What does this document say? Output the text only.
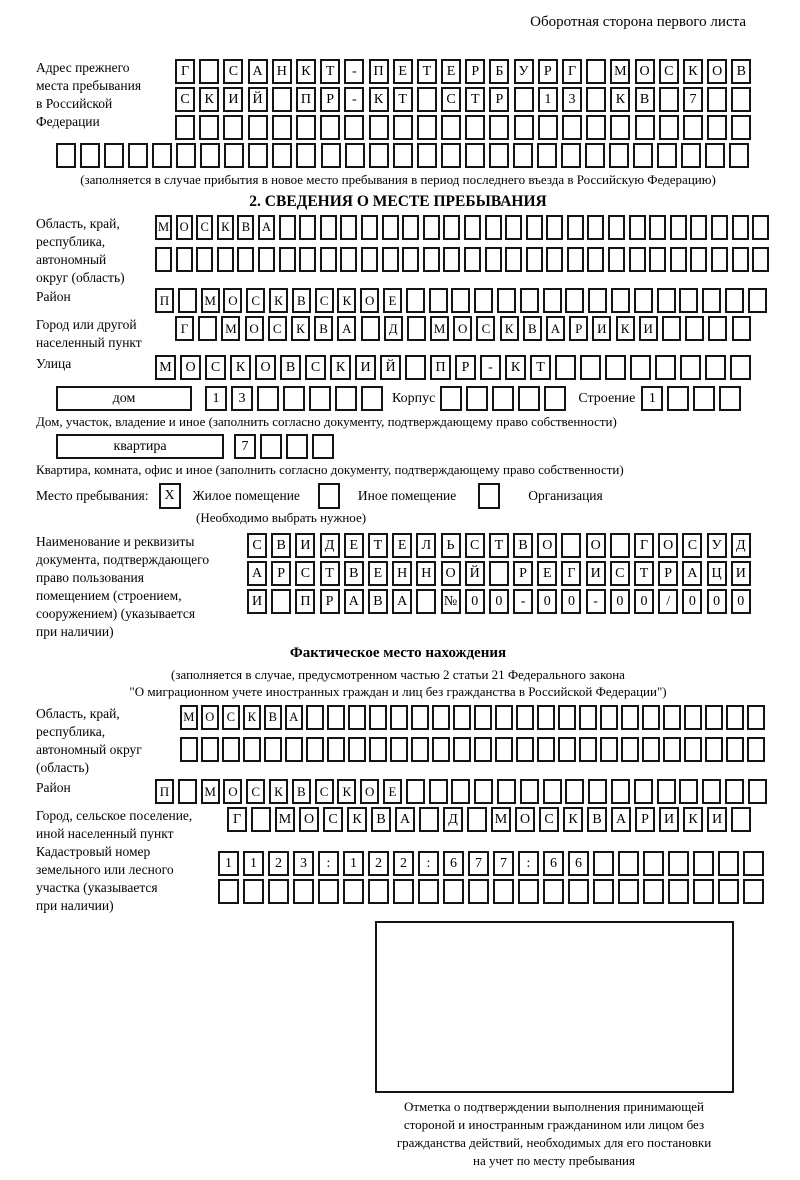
Оборотная сторона первого листа
Адрес прежнего
места пребывания
в Российской
Федерации
Г	С	А	Н	К	Т	-	П	Е	Т	Е	Р	Б	У	Р	Г	М О	С	К	О	В
С	К	И	Й	П	Р	-	К	Т	С	Т	Р	1	3	К	В	7
(заполняется в случае прибытия в новое место пребывания в период последнего въезда в Российскую Федерацию)
2. СВЕДЕНИЯ О МЕСТЕ ПРЕБЫВАНИЯ
Область, край,
республика,
автономный
округ (область)
М О С К В А
Район	П	М О	С	К	В	С	К	О	Е
Город или другой
населенный пункт
Г	М О	С	К	В	А	Д	М О	С	К	В	А	Р	И	К	И
Улица	М О	С	К	О	В	С	К	И	Й	П	Р	-	К	Т
дом	1	3	Корпус	Строение 1
Дом, участок, владение и иное (заполнить согласно документу, подтверждающему право собственности)
квартира	7
Квартира, комната, офис и иное (заполнить согласно документу, подтверждающему право собственности)
Место пребывания:	X	Жилое помещение	Иное помещение	Организация
(Необходимо выбрать нужное)
Наименование и реквизиты
документа, подтверждающего
право пользования
помещением (строением,
сооружением) (указывается
при наличии)
С	В	И	Д	Е	Т	Е	Л	Ь	С	Т	В	О	О	Г	О	С	У	Д
А	Р	С	Т	В	Е	Н	Н	О	Й	Р	Е	Г	И	С	Т	Р	А	Ц	И
И	П	Р	А	В	А	№	0	0	-	0	0	-	0	0	/	0	0	0
Фактическое место нахождения
(заполняется в случае, предусмотренном частью 2 статьи 21 Федерального закона
"О миграционном учете иностранных граждан и лиц без гражданства в Российской Федерации")
Область, край,
республика,
автономный округ
(область)
М О С	К	В А
Район	П	М О	С	К	В	С	К	О	Е
Город, сельское поселение,
иной населенный пункт
Г	М О	С	К	В	А	Д	М О	С	К	В	А	Р	И	К	И
Кадастровый номер
земельного или лесного
участка (указывается
при наличии)
1	1	2	3	:	1	2	2	:	6	7	7	:	6	6
Отметка о подтверждении выполнения принимающей
стороной и иностранным гражданином или лицом без
гражданства действий, необходимых для его постановки
на учет по месту пребывания
